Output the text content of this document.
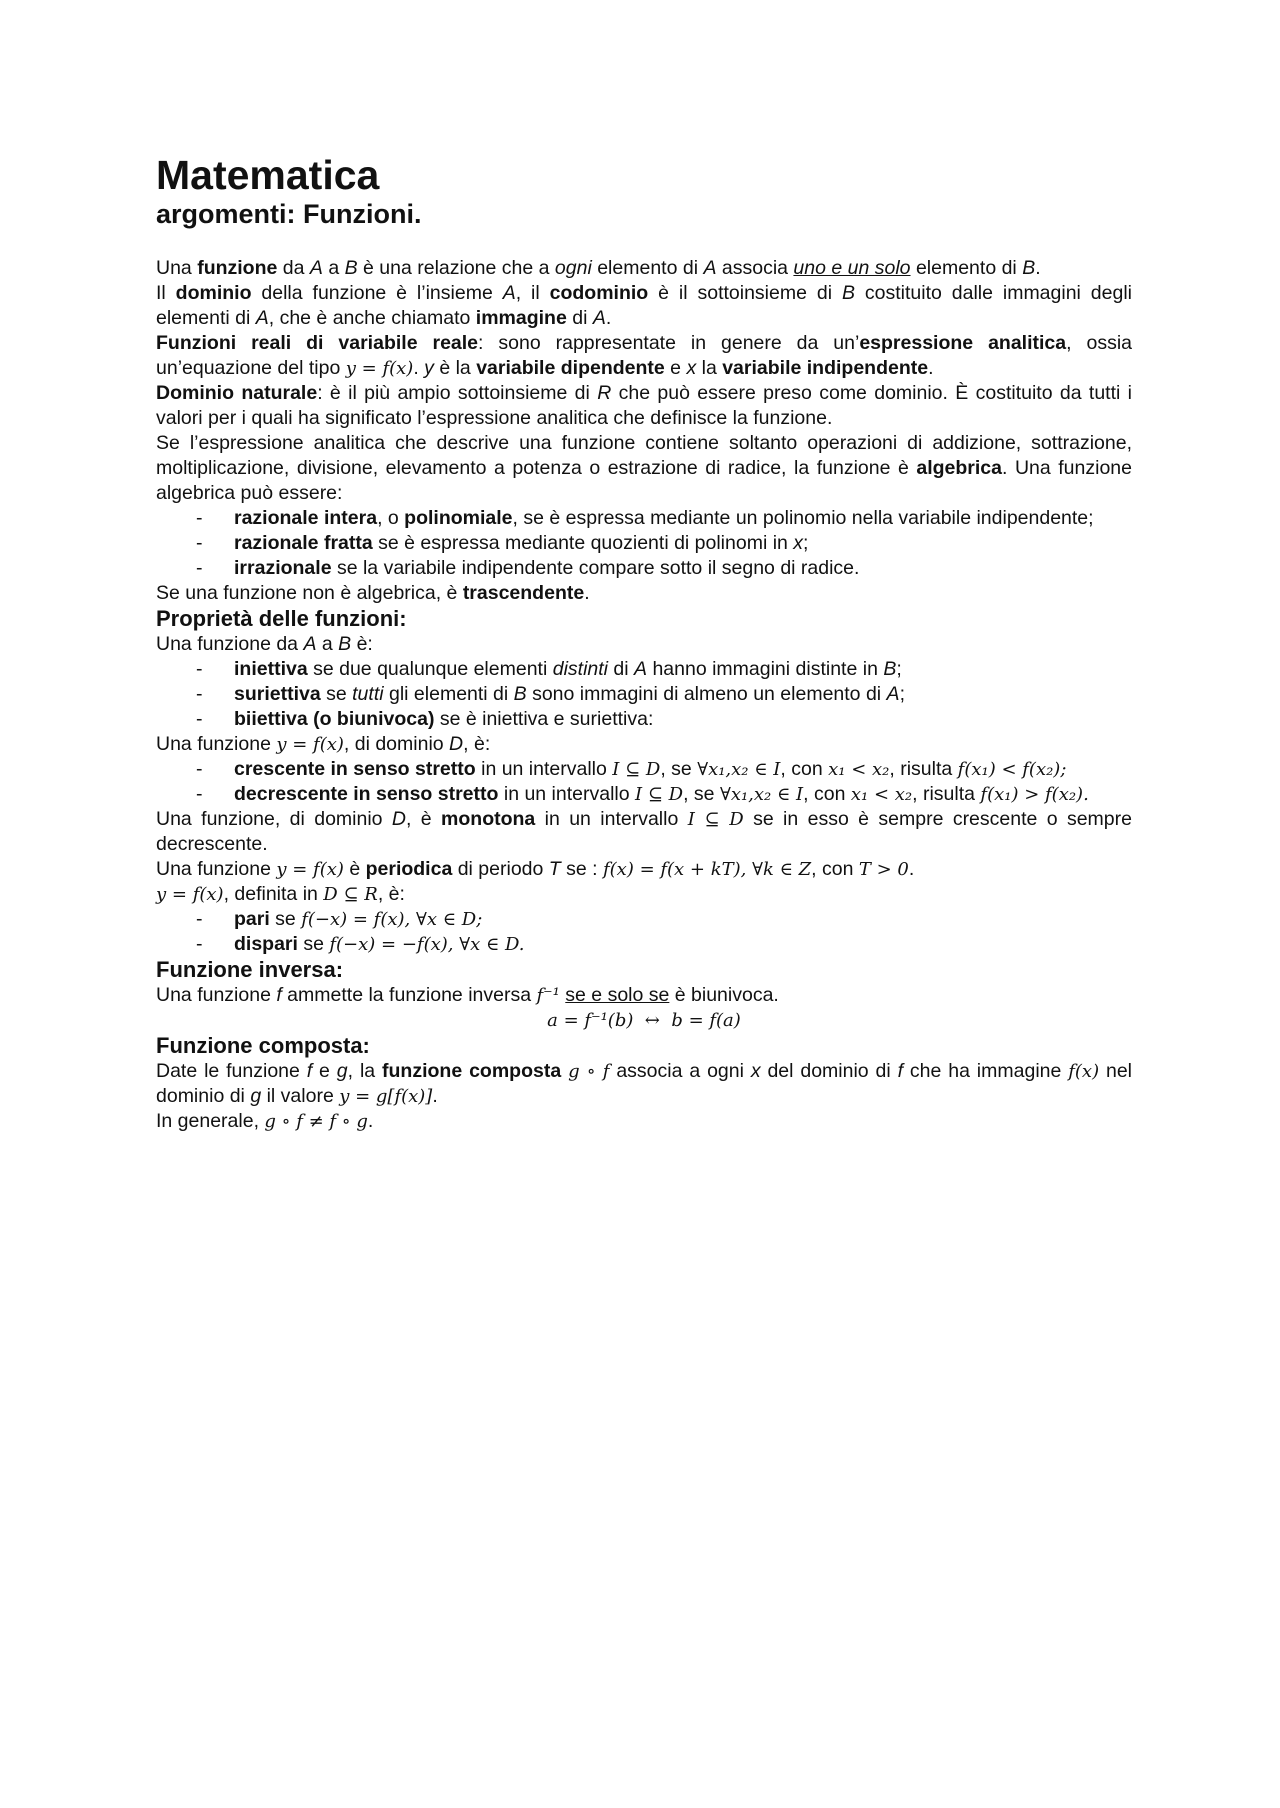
Matematica
argomenti: Funzioni.

Una funzione da A a B è una relazione che a ogni elemento di A associa uno e un solo elemento di B.

Il dominio della funzione è l’insieme A, il codominio è il sottoinsieme di B costituito dalle immagini degli elementi di A, che è anche chiamato immagine di A.

Funzioni reali di variabile reale: sono rappresentate in genere da un’espressione analitica, ossia un’equazione del tipo y = f(x). y è la variabile dipendente e x la variabile indipendente.

Dominio naturale: è il più ampio sottoinsieme di R che può essere preso come dominio. È costituito da tutti i valori per i quali ha significato l’espressione analitica che definisce la funzione.

Se l’espressione analitica che descrive una funzione contiene soltanto operazioni di addizione, sottrazione, moltiplicazione, divisione, elevamento a potenza o estrazione di radice, la funzione è algebrica. Una funzione algebrica può essere:

- razionale intera, o polinomiale, se è espressa mediante un polinomio nella variabile indipendente;
- razionale fratta se è espressa mediante quozienti di polinomi in x;
- irrazionale se la variabile indipendente compare sotto il segno di radice.

Se una funzione non è algebrica, è trascendente.

Proprietà delle funzioni:

Una funzione da A a B è:

- iniettiva se due qualunque elementi distinti di A hanno immagini distinte in B;
- suriettiva se tutti gli elementi di B sono immagini di almeno un elemento di A;
- biiettiva (o biunivoca) se è iniettiva e suriettiva:

Una funzione y = f(x), di dominio D, è:

- crescente in senso stretto in un intervallo I ⊆ D, se ∀x₁,x₂ ∈ I, con x₁ < x₂, risulta f(x₁) < f(x₂);
- decrescente in senso stretto in un intervallo I ⊆ D, se ∀x₁,x₂ ∈ I, con x₁ < x₂, risulta f(x₁) > f(x₂).

Una funzione, di dominio D, è monotona in un intervallo I ⊆ D se in esso è sempre crescente o sempre decrescente.

Una funzione y = f(x) è periodica di periodo T se : f(x) = f(x + kT), ∀k ∈ Z, con T > 0.

y = f(x), definita in D ⊆ R, è:

- pari se f(−x) = f(x), ∀x ∈ D;
- dispari se f(−x) = −f(x), ∀x ∈ D.
Funzione inversa:

Una funzione f ammette la funzione inversa f⁻¹ se e solo se è biunivoca.

a = f⁻¹(b)  ↔  b = f(a)

Funzione composta:

Date le funzione f e g, la funzione composta g ∘ f associa a ogni x del dominio di f che ha immagine f(x) nel dominio di g il valore y = g[f(x)].

In generale, g ∘ f ≠ f ∘ g.
